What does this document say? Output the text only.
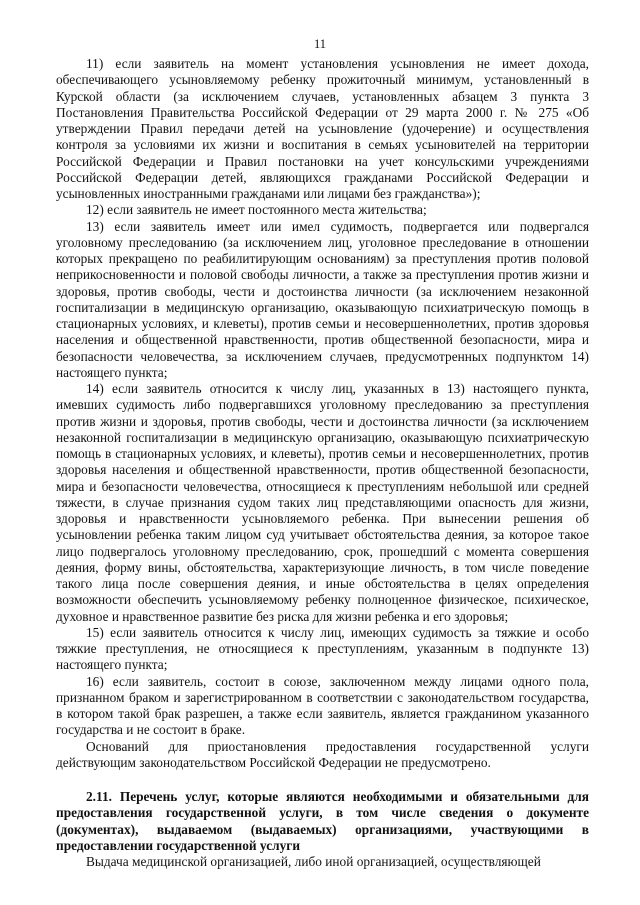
11

11) если заявитель на момент установления усыновления не имеет дохода, обеспечивающего усыновляемому ребенку прожиточный минимум, установленный в Курской области (за исключением случаев, установленных абзацем 3 пункта 3 Постановления Правительства Российской Федерации от 29 марта 2000 г. № 275 «Об утверждении Правил передачи детей на усыновление (удочерение) и осуществления контроля за условиями их жизни и воспитания в семьях усыновителей на территории Российской Федерации и Правил постановки на учет консульскими учреждениями Российской Федерации детей, являющихся гражданами Российской Федерации и усыновленных иностранными гражданами или лицами без гражданства»);

12) если заявитель не имеет постоянного места жительства;

13) если заявитель имеет или имел судимость, подвергается или подвергался уголовному преследованию (за исключением лиц, уголовное преследование в отношении которых прекращено по реабилитирующим основаниям) за преступления против половой неприкосновенности и половой свободы личности, а также за преступления против жизни и здоровья, против свободы, чести и достоинства личности (за исключением незаконной госпитализации в медицинскую организацию, оказывающую психиатрическую помощь в стационарных условиях, и клеветы), против семьи и несовершеннолетних, против здоровья населения и общественной нравственности, против общественной безопасности, мира и безопасности человечества, за исключением случаев, предусмотренных подпунктом 14) настоящего пункта;

14) если заявитель относится к числу лиц, указанных в 13) настоящего пункта, имевших судимость либо подвергавшихся уголовному преследованию за преступления против жизни и здоровья, против свободы, чести и достоинства личности (за исключением незаконной госпитализации в медицинскую организацию, оказывающую психиатрическую помощь в стационарных условиях, и клеветы), против семьи и несовершеннолетних, против здоровья населения и общественной нравственности, против общественной безопасности, мира и безопасности человечества, относящиеся к преступлениям небольшой или средней тяжести, в случае признания судом таких лиц представляющими опасность для жизни, здоровья и нравственности усыновляемого ребенка. При вынесении решения об усыновлении ребенка таким лицом суд учитывает обстоятельства деяния, за которое такое лицо подвергалось уголовному преследованию, срок, прошедший с момента совершения деяния, форму вины, обстоятельства, характеризующие личность, в том числе поведение такого лица после совершения деяния, и иные обстоятельства в целях определения возможности обеспечить усыновляемому ребенку полноценное физическое, психическое, духовное и нравственное развитие без риска для жизни ребенка и его здоровья;

15) если заявитель относится к числу лиц, имеющих судимость за тяжкие и особо тяжкие преступления, не относящиеся к преступлениям, указанным в подпункте 13) настоящего пункта;

16) если заявитель, состоит в союзе, заключенном между лицами одного пола, признанном браком и зарегистрированном в соответствии с законодательством государства, в котором такой брак разрешен, а также если заявитель, является гражданином указанного государства и не состоит в браке.

Оснований для приостановления предоставления государственной услуги действующим законодательством Российской Федерации не предусмотрено.

2.11. Перечень услуг, которые являются необходимыми и обязательными для предоставления государственной услуги, в том числе сведения о документе (документах), выдаваемом (выдаваемых) организациями, участвующими в предоставлении государственной услуги

Выдача медицинской организацией, либо иной организацией, осуществляющей
